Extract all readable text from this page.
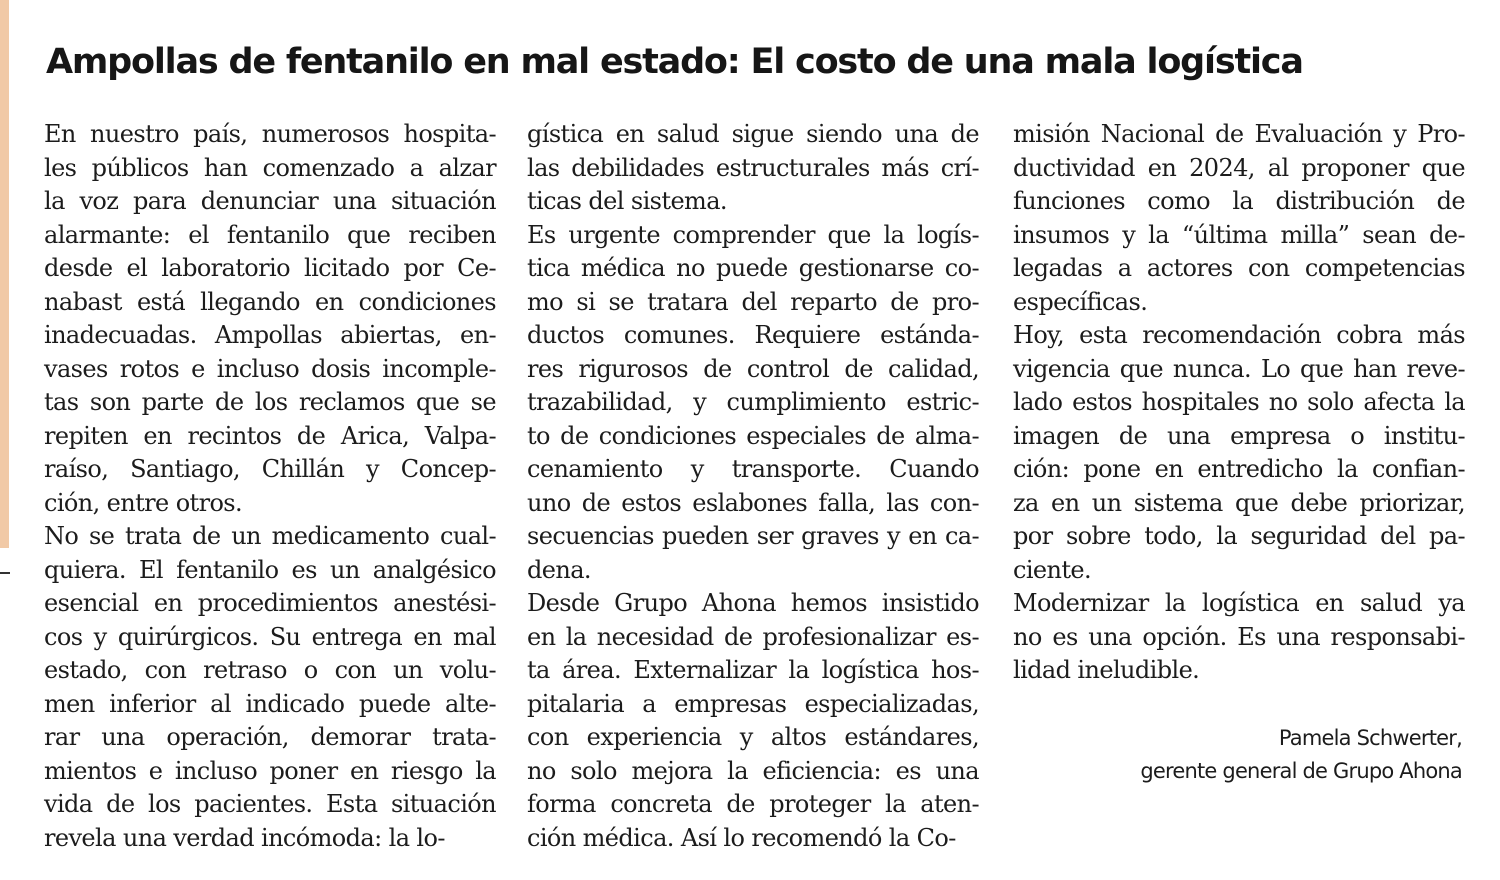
Ampollas de fentanilo en mal estado: El costo de una mala logística
En nuestro país, numerosos hospita-
les públicos han comenzado a alzar
la voz para denunciar una situación
alarmante: el fentanilo que reciben
desde el laboratorio licitado por Ce-
nabast está llegando en condiciones
inadecuadas. Ampollas abiertas, en-
vases rotos e incluso dosis incomple-
tas son parte de los reclamos que se
repiten en recintos de Arica, Valpa-
raíso, Santiago, Chillán y Concep-
ción, entre otros.
No se trata de un medicamento cual-
quiera. El fentanilo es un analgésico
esencial en procedimientos anestési-
cos y quirúrgicos. Su entrega en mal
estado, con retraso o con un volu-
men inferior al indicado puede alte-
rar una operación, demorar trata-
mientos e incluso poner en riesgo la
vida de los pacientes. Esta situación
revela una verdad incómoda: la lo-
gística en salud sigue siendo una de
las debilidades estructurales más crí-
ticas del sistema.
Es urgente comprender que la logís-
tica médica no puede gestionarse co-
mo si se tratara del reparto de pro-
ductos comunes. Requiere estánda-
res rigurosos de control de calidad,
trazabilidad, y cumplimiento estric-
to de condiciones especiales de alma-
cenamiento y transporte. Cuando
uno de estos eslabones falla, las con-
secuencias pueden ser graves y en ca-
dena.
Desde Grupo Ahona hemos insistido
en la necesidad de profesionalizar es-
ta área. Externalizar la logística hos-
pitalaria a empresas especializadas,
con experiencia y altos estándares,
no solo mejora la eficiencia: es una
forma concreta de proteger la aten-
ción médica. Así lo recomendó la Co-
misión Nacional de Evaluación y Pro-
ductividad en 2024, al proponer que
funciones como la distribución de
insumos y la “última milla” sean de-
legadas a actores con competencias
específicas.
Hoy, esta recomendación cobra más
vigencia que nunca. Lo que han reve-
lado estos hospitales no solo afecta la
imagen de una empresa o institu-
ción: pone en entredicho la confian-
za en un sistema que debe priorizar,
por sobre todo, la seguridad del pa-
ciente.
Modernizar la logística en salud ya
no es una opción. Es una responsabi-
lidad ineludible.
Pamela Schwerter,
gerente general de Grupo Ahona
